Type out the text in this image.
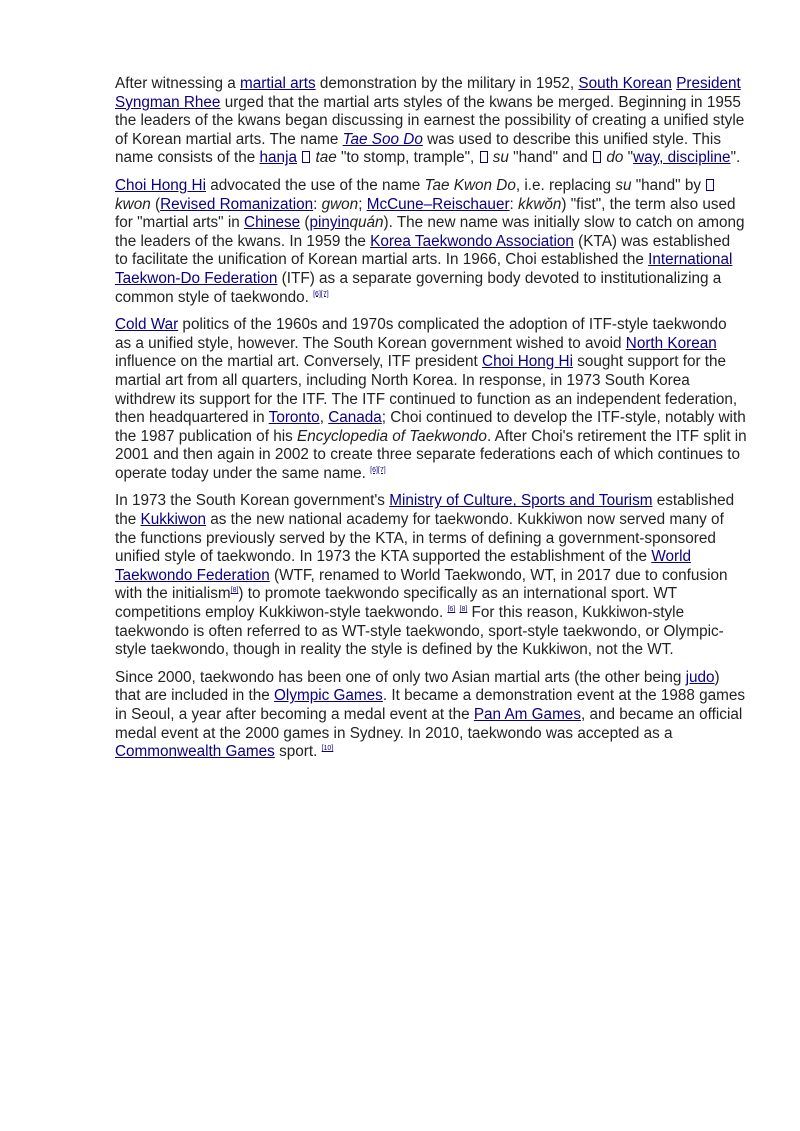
After witnessing a martial arts demonstration by the military in 1952, South Korean President Syngman Rhee urged that the martial arts styles of the kwans be merged. Beginning in 1955 the leaders of the kwans began discussing in earnest the possibility of creating a unified style of Korean martial arts. The name Tae Soo Do was used to describe this unified style. This name consists of the hanja tae "to stomp, trample",  su "hand" and  do "way, discipline".

Choi Hong Hi advocated the use of the name Tae Kwon Do, i.e. replacing su "hand" by  kwon (Revised Romanization: gwon; McCune–Reischauer: kkwŏn) "fist", the term also used for "martial arts" in Chinese (pinyinquán). The new name was initially slow to catch on among the leaders of the kwans. In 1959 the Korea Taekwondo Association (KTA) was established to facilitate the unification of Korean martial arts. In 1966, Choi established the International Taekwon-Do Federation (ITF) as a separate governing body devoted to institutionalizing a common style of taekwondo. [6][7]

Cold War politics of the 1960s and 1970s complicated the adoption of ITF-style taekwondo as a unified style, however. The South Korean government wished to avoid North Korean influence on the martial art. Conversely, ITF president Choi Hong Hi sought support for the martial art from all quarters, including North Korea. In response, in 1973 South Korea withdrew its support for the ITF. The ITF continued to function as an independent federation, then headquartered in Toronto, Canada; Choi continued to develop the ITF-style, notably with the 1987 publication of his Encyclopedia of Taekwondo. After Choi's retirement the ITF split in 2001 and then again in 2002 to create three separate federations each of which continues to operate today under the same name. [6][7]

In 1973 the South Korean government's Ministry of Culture, Sports and Tourism established the Kukkiwon as the new national academy for taekwondo. Kukkiwon now served many of the functions previously served by the KTA, in terms of defining a government-sponsored unified style of taekwondo. In 1973 the KTA supported the establishment of the World Taekwondo Federation (WTF, renamed to World Taekwondo, WT, in 2017 due to confusion with the initialism[8]) to promote taekwondo specifically as an international sport. WT competitions employ Kukkiwon-style taekwondo. [6] [8] For this reason, Kukkiwon-style taekwondo is often referred to as WT-style taekwondo, sport-style taekwondo, or Olympic-style taekwondo, though in reality the style is defined by the Kukkiwon, not the WT.

Since 2000, taekwondo has been one of only two Asian martial arts (the other being judo) that are included in the Olympic Games. It became a demonstration event at the 1988 games in Seoul, a year after becoming a medal event at the Pan Am Games, and became an official medal event at the 2000 games in Sydney. In 2010, taekwondo was accepted as a Commonwealth Games sport. [10]
